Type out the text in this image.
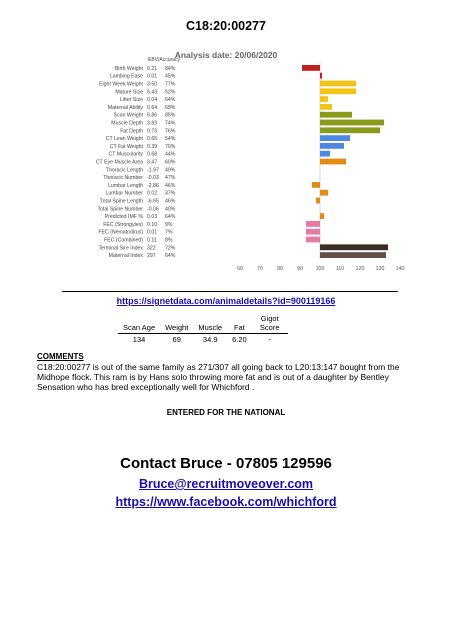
C18:20:00277
Analysis date: 20/06/2020
EBV/Accuracy
Birth Weight 0.21 84%
Lambing Ease 0.01 45%
Eight Week Weight 3.50 77%
Mature Size 5.43 52%
Litter Size 0.04 64%
Maternal Ability 0.64 69%
Scan Weight 5.86 85%
Muscle Depth 3.83 74%
Fat Depth 0.73 76%
CT Lean Weight 0.65 54%
CT Fat Weight 0.39 70%
CT Muscularity 0.68 44%
CT Eye Muscle Area 3.47 60%
Thoracic Length -1.97 49%
Thoracic Number -0.03 47%
Lumbar Length -2.86 46%
Lumbar Number 0.02 37%
Total Spine Length -6.65 46%
Total Spine Number -0.06 40%
Predicted IMF % 0.03 64%
FEC (Strongyles) 0.10 9%
FEC (Nematodirus) 0.01 7%
FEC (Combined) 0.11 8%
Terminal Sire Index 322 72%
Maternal Index 297 64%
60	70	80	90 100 110 120 130 140
https://signetdata.com/animaldetails?id=900119166
Scan Age	Weight	Muscle	Fat	Gigot Score
134	69	34.9	6.20	-
COMMENTS
C18:20:00277 is out of the same family as 271/307 all going back to L20:13:147 bought from the Midhope flock. This ram is by Hans solo throwing more fat and is out of a daughter by Bentley Sensation who has bred exceptionally well for Whichford .
ENTERED FOR THE NATIONAL
Contact Bruce - 07805 129596
Bruce@recruitmoveover.com
https://www.facebook.com/whichford
